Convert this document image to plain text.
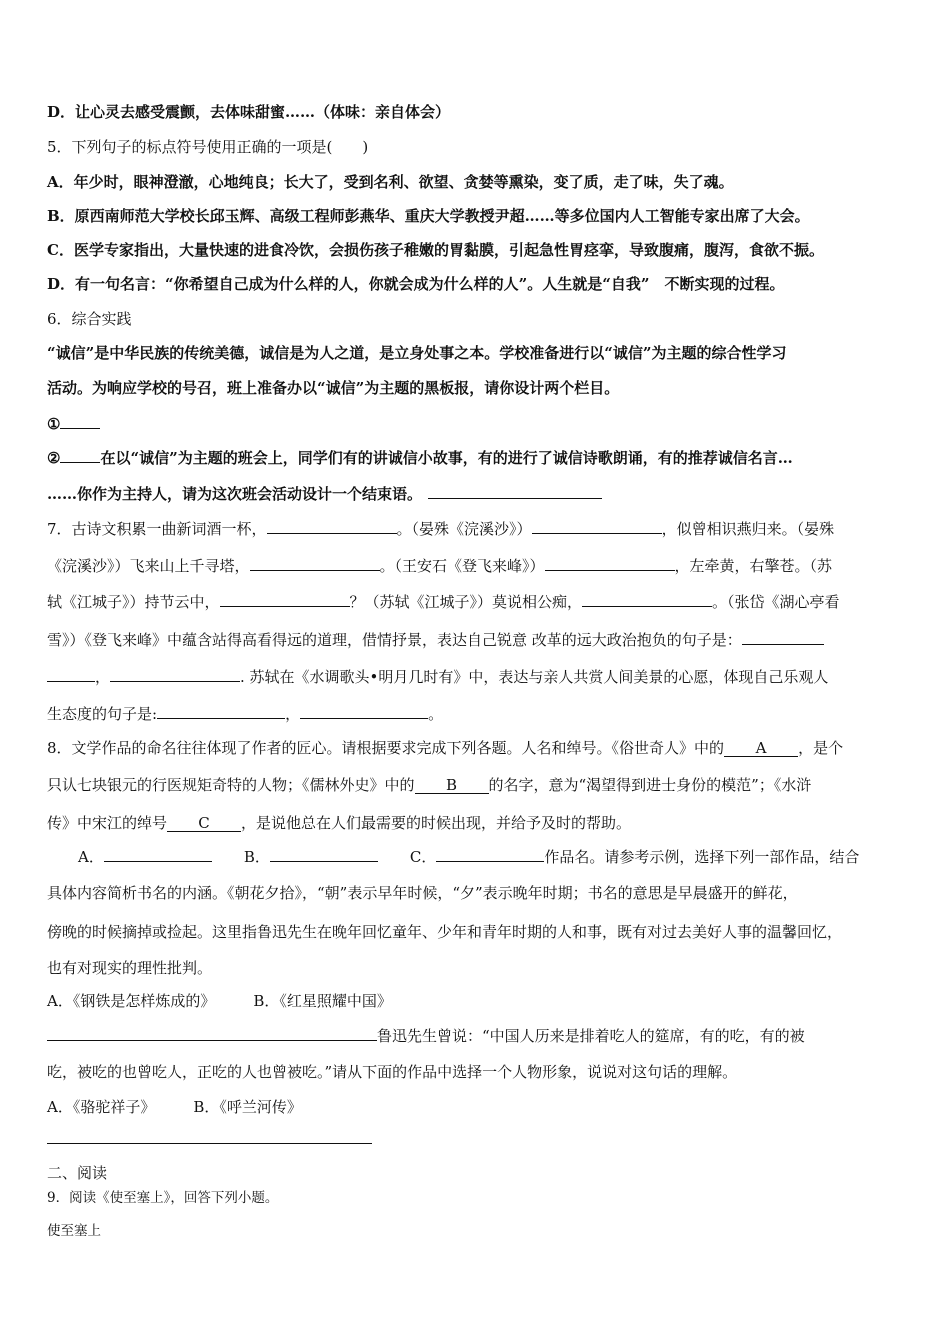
D．让心灵去感受震颤，去体味甜蜜……（体味：亲自体会）
5．下列句子的标点符号使用正确的一项是(　　)
A．年少时，眼神澄澈，心地纯良；长大了，受到名利、欲望、贪婪等熏染，变了质，走了味，失了魂。
B．原西南师范大学校长邱玉辉、高级工程师彭燕华、重庆大学教授尹超……等多位国内人工智能专家出席了大会。
C．医学专家指出，大量快速的进食冷饮，会损伤孩子稚嫩的胃黏膜，引起急性胃痉挛，导致腹痛，腹泻，食欲不振。
D．有一句名言：“你希望自己成为什么样的人，你就会成为什么样的人”。人生就是“自我”　不断实现的过程。
6．综合实践
“诚信”是中华民族的传统美德，诚信是为人之道，是立身处事之本。学校准备进行以“诚信”为主题的综合性学习
活动。为响应学校的号召，班上准备办以“诚信”为主题的黑板报，请你设计两个栏目。
①
②	在以“诚信”为主题的班会上，同学们有的讲诚信小故事，有的进行了诚信诗歌朗诵，有的推荐诚信名言…
……你作为主持人，请为这次班会活动设计一个结束语。
7．古诗文积累一曲新词酒一杯，	。（晏殊《浣溪沙》）	，似曾相识燕归来。（晏殊
《浣溪沙》）飞来山上千寻塔，	。（王安石《登飞来峰》）	，左牵黄，右擎苍。（苏
轼《江城子》）持节云中，	？（苏轼《江城子》）莫说相公痴，	。（张岱《湖心亭看
雪》）《登飞来峰》中蕴含站得高看得远的道理，借情抒景，表达自己锐意 改革的远大政治抱负的句子是：
，	. 苏轼在《水调歌头•明月几时有》中，表达与亲人共赏人间美景的心愿，体现自己乐观人
生态度的句子是:	，	。
8．文学作品的命名往往体现了作者的匠心。请根据要求完成下列各题。人名和绰号。《俗世奇人》中的 A ，是个
只认七块银元的行医规矩奇特的人物；《儒林外史》中的 B 的名字，意为“渴望得到进士身份的模范”；《水浒
传》中宋江的绰号 C ，是说他总在人们最需要的时候出现，并给予及时的帮助。
A．	B．	C．	作品名。请参考示例，选择下列一部作品，结合
具体内容简析书名的内涵。《朝花夕拾》，“朝”表示早年时候，“夕”表示晚年时期；书名的意思是早晨盛开的鲜花，
傍晚的时候摘掉或捡起。这里指鲁迅先生在晚年回忆童年、少年和青年时期的人和事，既有对过去美好人事的温馨回忆，
也有对现实的理性批判。
A．《钢铁是怎样炼成的》	B．《红星照耀中国》
鲁迅先生曾说：“中国人历来是排着吃人的筵席，有的吃，有的被
吃，被吃的也曾吃人，正吃的人也曾被吃。”请从下面的作品中选择一个人物形象，说说对这句话的理解。
A．《骆驼祥子》	B．《呼兰河传》
二、阅读
9．阅读《使至塞上》，回答下列小题。
使至塞上
